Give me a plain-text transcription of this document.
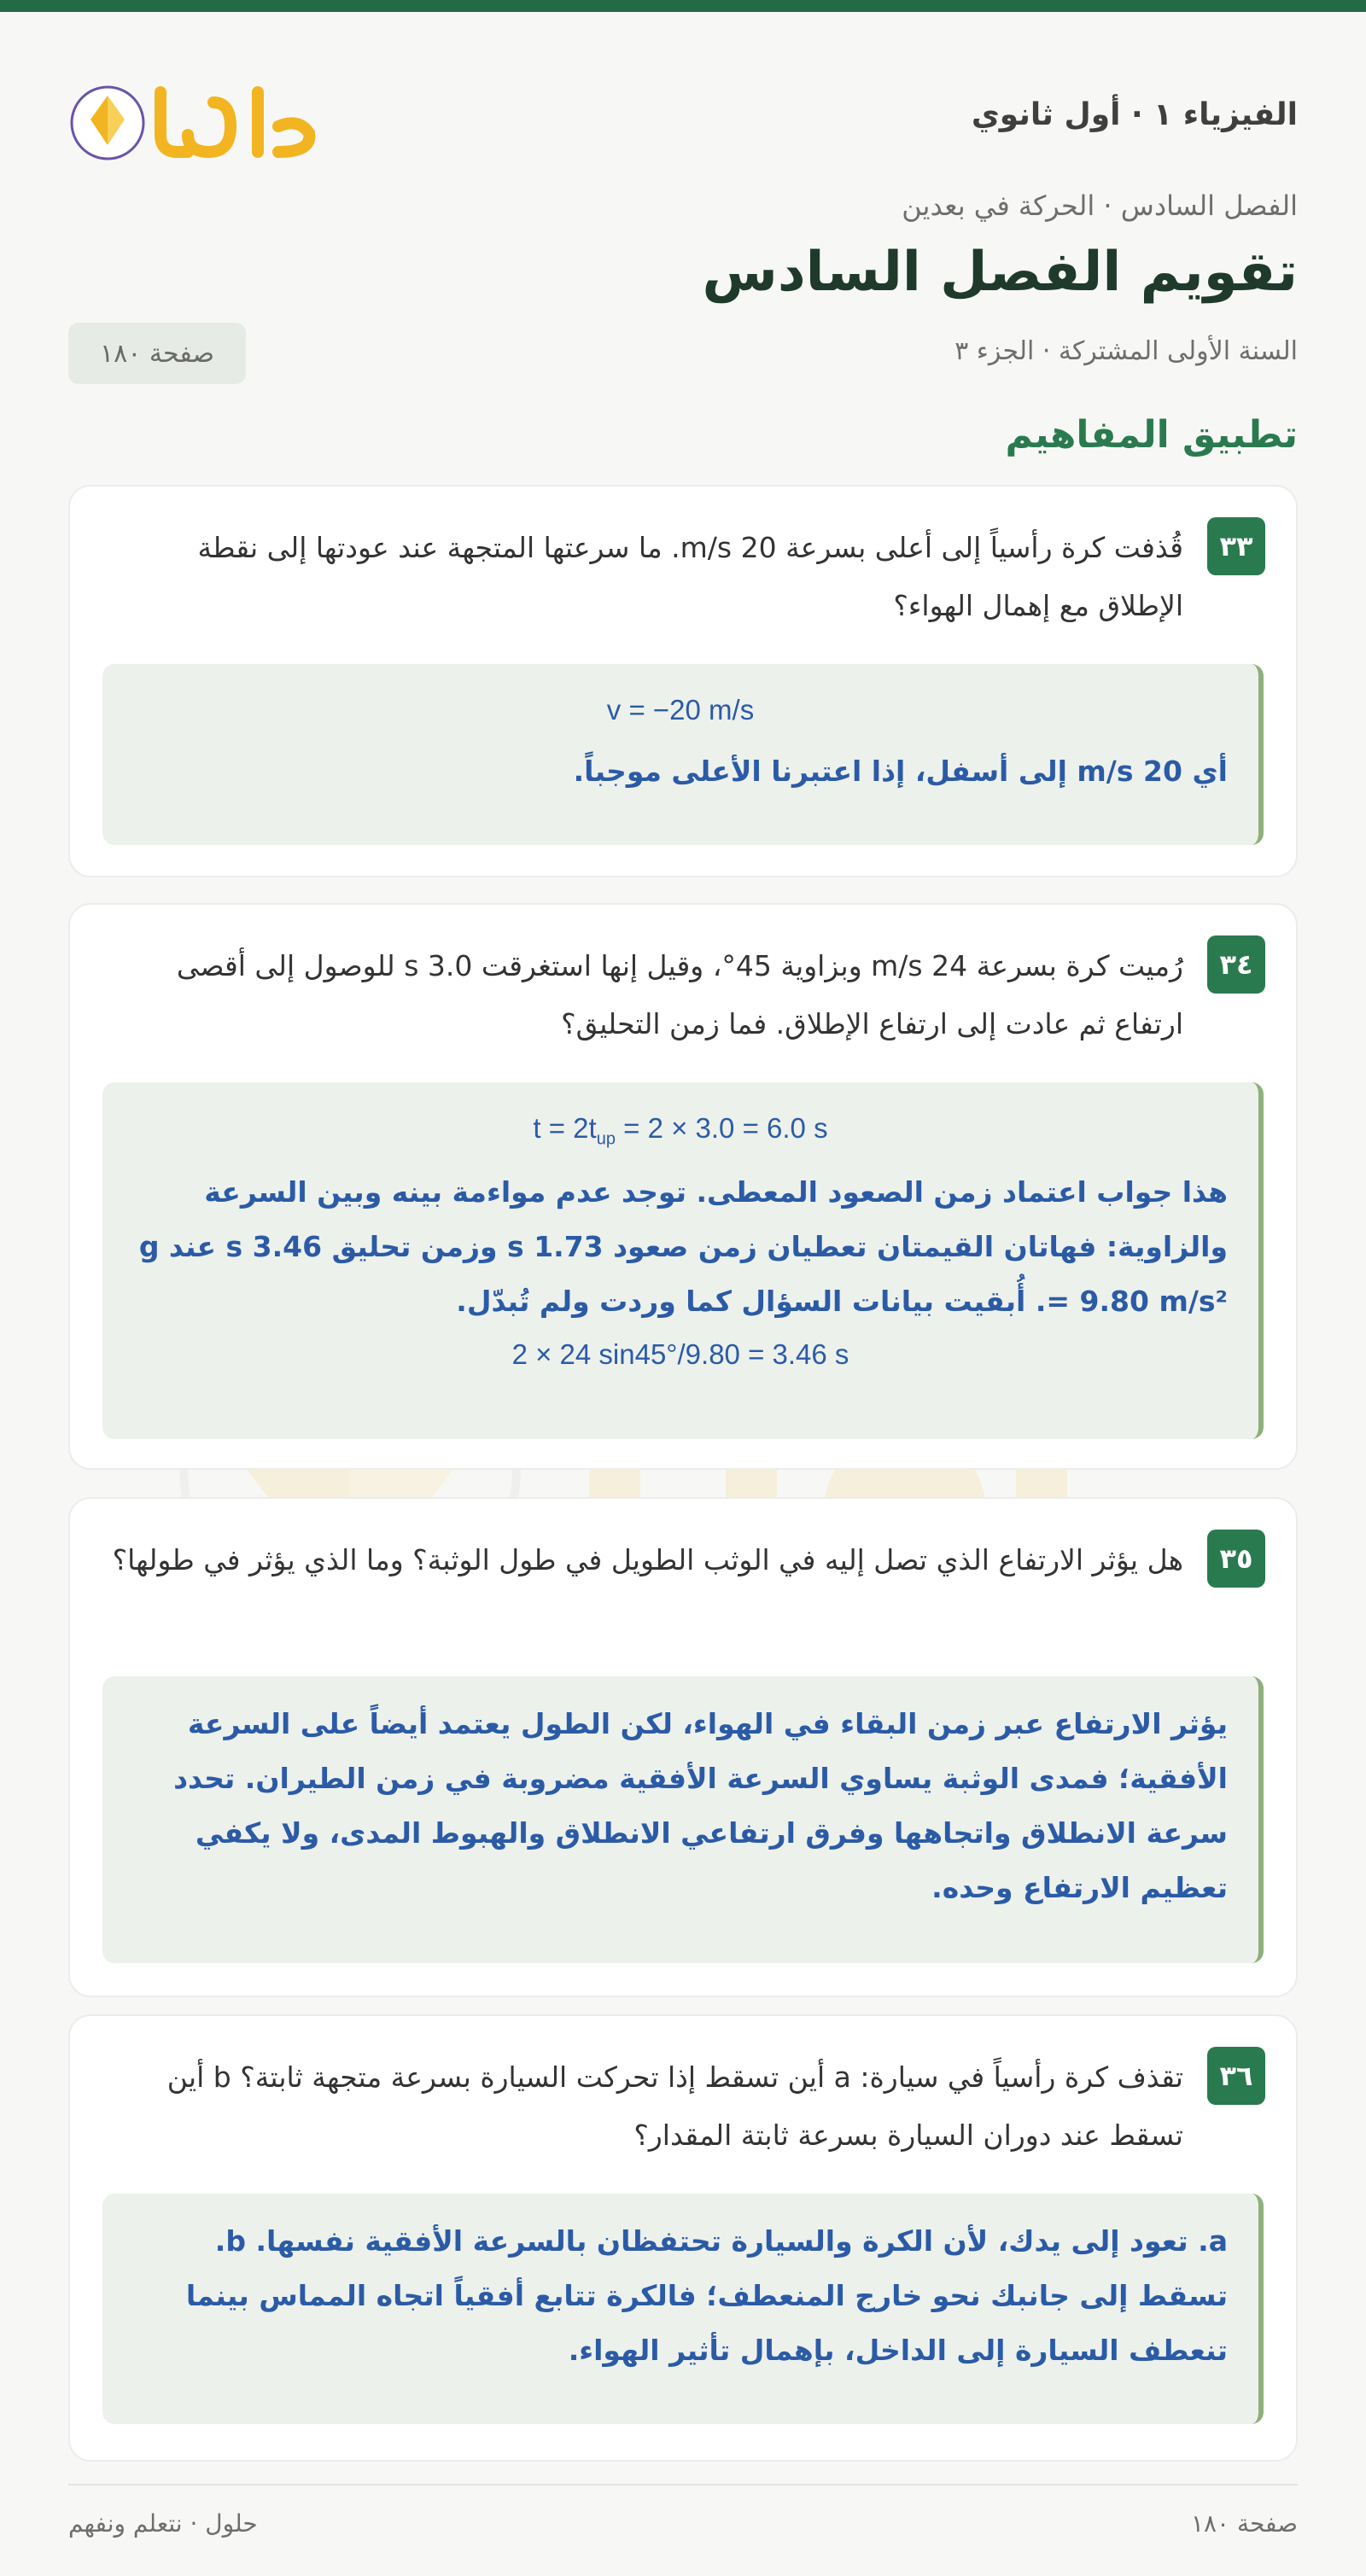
الفيزياء ١ · أول ثانوي
الفصل السادس · الحركة في بعدين
تقويم الفصل السادس
السنة الأولى المشتركة · الجزء ٣
صفحة ١٨٠
تطبيق المفاهيم
٣٣

قُذفت كرة رأسياً إلى أعلى بسرعة 20 m/s. ما سرعتها المتجهة عند عودتها إلى نقطة الإطلاق مع إهمال الهواء؟

v = −20 m/s

أي 20 m/s إلى أسفل، إذا اعتبرنا الأعلى موجباً.

٣٤

رُميت كرة بسرعة 24 m/s وبزاوية 45°، وقيل إنها استغرقت 3.0 s للوصول إلى أقصى ارتفاع ثم عادت إلى ارتفاع الإطلاق. فما زمن التحليق؟

$t = 2t_{up} = 2 \times 3.0 = 6.0$ s

هذا جواب اعتماد زمن الصعود المعطى. توجد عدم مواءمة بينه وبين السرعة والزاوية: فهاتان القيمتان تعطيان زمن صعود 1.73 s وزمن تحليق 3.46 s عند g = 9.80 m/s². أُبقيت بيانات السؤال كما وردت ولم تُبدّل.

2 × 24 sin45°/9.80 = 3.46 s
٣٥

هل يؤثر الارتفاع الذي تصل إليه في الوثب الطويل في طول الوثبة؟ وما الذي يؤثر في طولها؟

يؤثر الارتفاع عبر زمن البقاء في الهواء، لكن الطول يعتمد أيضاً على السرعة الأفقية؛ فمدى الوثبة يساوي السرعة الأفقية مضروبة في زمن الطيران. تحدد سرعة الانطلاق واتجاهها وفرق ارتفاعي الانطلاق والهبوط المدى، ولا يكفي تعظيم الارتفاع وحده.

٣٦

تقذف كرة رأسياً في سيارة: a أين تسقط إذا تحركت السيارة بسرعة متجهة ثابتة؟ b أين تسقط عند دوران السيارة بسرعة ثابتة المقدار؟

a. تعود إلى يدك، لأن الكرة والسيارة تحتفظان بالسرعة الأفقية نفسها. b. تسقط إلى جانبك نحو خارج المنعطف؛ فالكرة تتابع أفقياً اتجاه المماس بينما تنعطف السيارة إلى الداخل، بإهمال تأثير الهواء.

حلول · نتعلم ونفهم	صفحة ١٨٠
